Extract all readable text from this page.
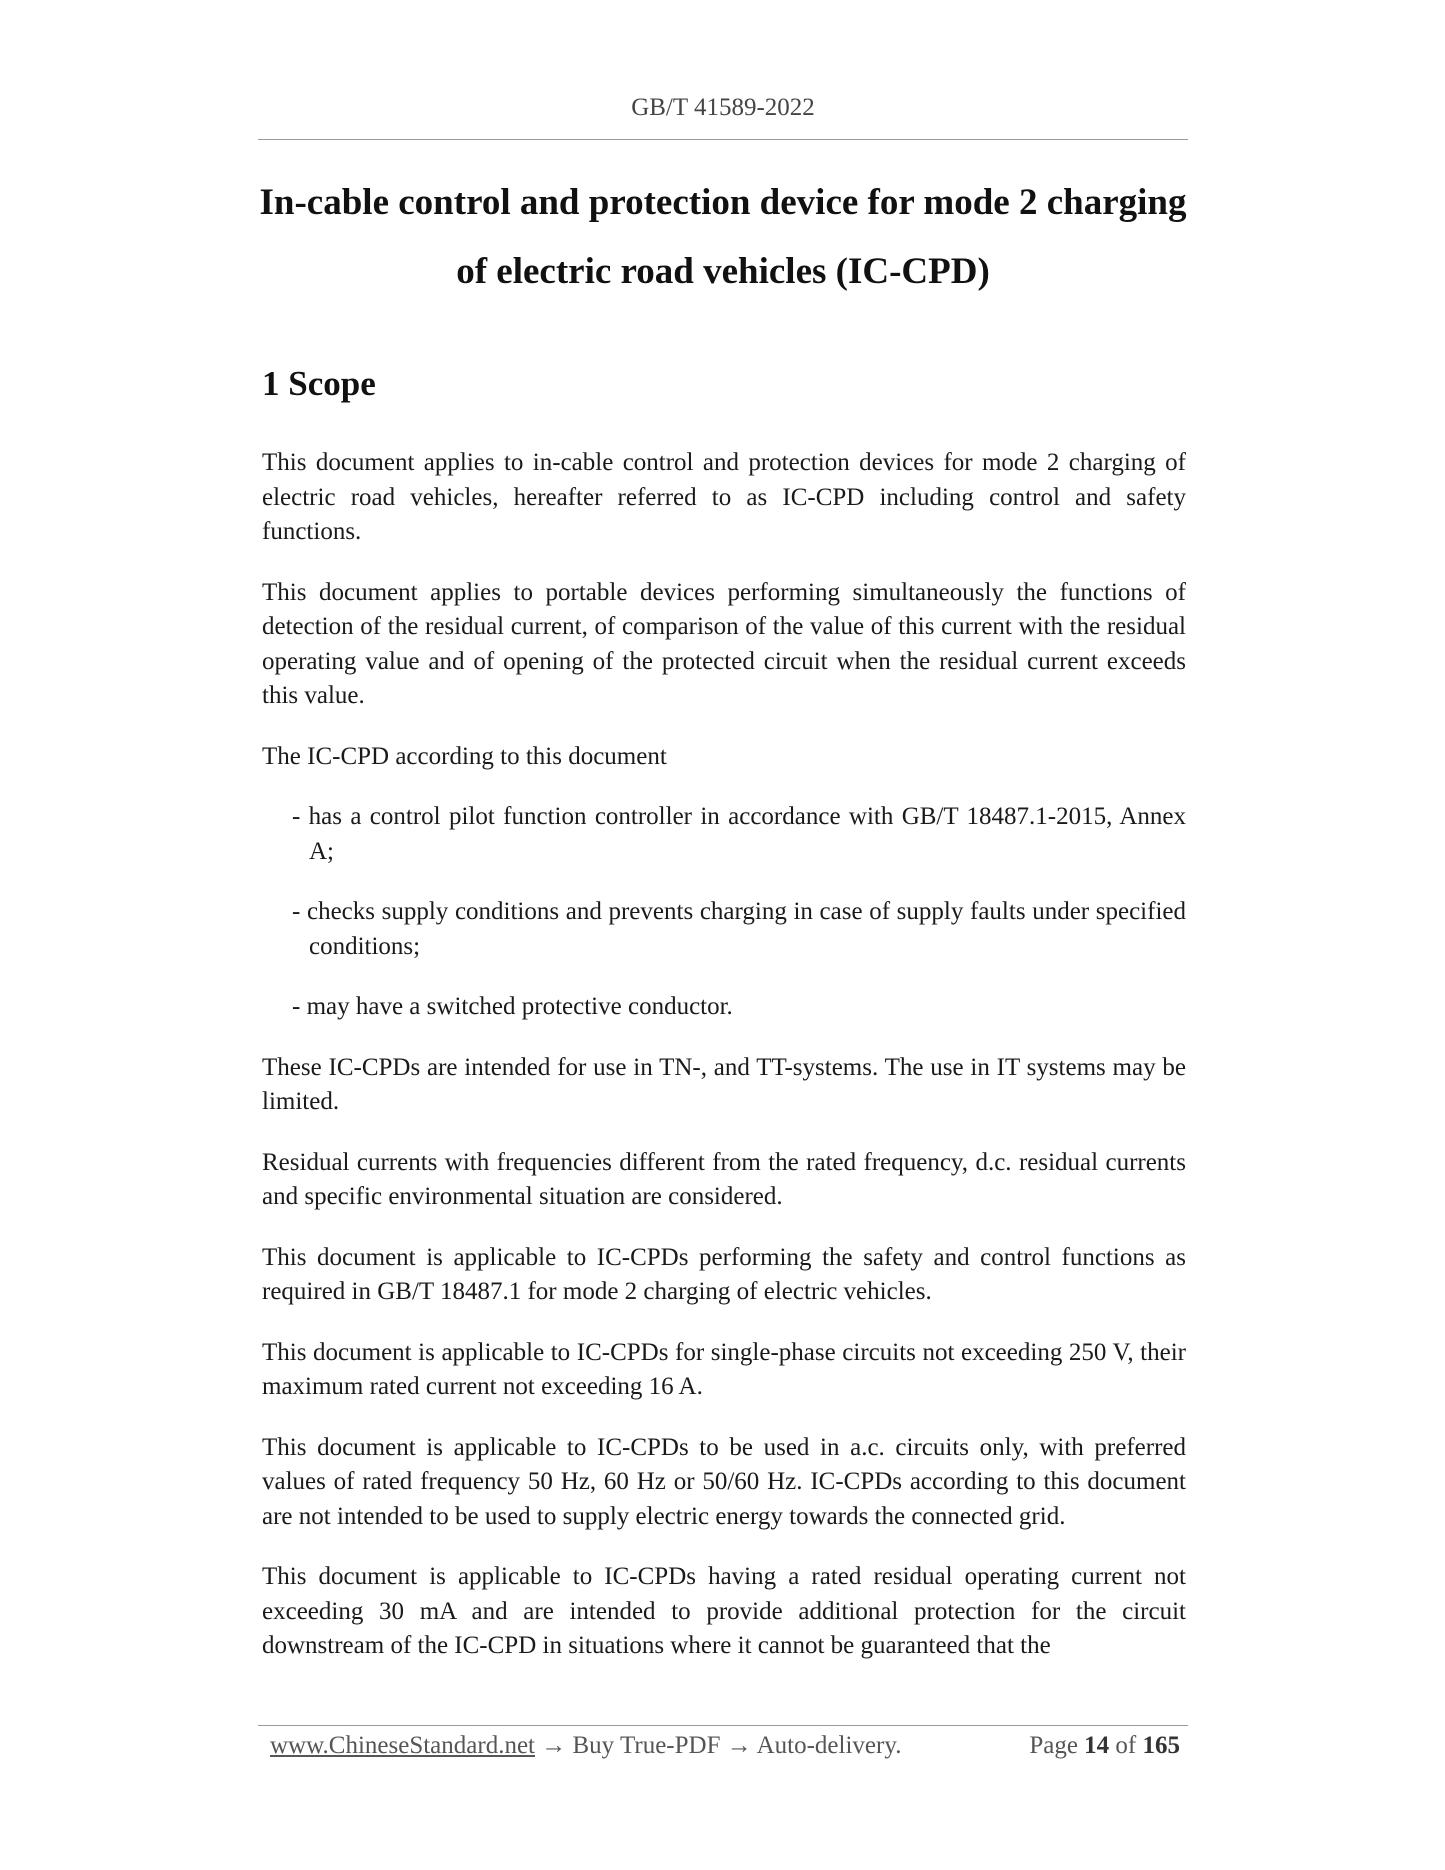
GB/T 41589-2022
In-cable control and protection device for mode 2 charging
of electric road vehicles (IC-CPD)
1 Scope

This document applies to in-cable control and protection devices for mode 2 charging of electric road vehicles, hereafter referred to as IC-CPD including control and safety functions.

This document applies to portable devices performing simultaneously the functions of detection of the residual current, of comparison of the value of this current with the residual operating value and of opening of the protected circuit when the residual current exceeds this value.

The IC-CPD according to this document

- has a control pilot function controller in accordance with GB/T 18487.1-2015, Annex A;
- checks supply conditions and prevents charging in case of supply faults under specified conditions;
- may have a switched protective conductor.

These IC-CPDs are intended for use in TN-, and TT-systems. The use in IT systems may be limited.

Residual currents with frequencies different from the rated frequency, d.c. residual currents and specific environmental situation are considered.

This document is applicable to IC-CPDs performing the safety and control functions as required in GB/T 18487.1 for mode 2 charging of electric vehicles.

This document is applicable to IC-CPDs for single-phase circuits not exceeding 250 V, their maximum rated current not exceeding 16 A.

This document is applicable to IC-CPDs to be used in a.c. circuits only, with preferred values of rated frequency 50 Hz, 60 Hz or 50/60 Hz. IC-CPDs according to this document are not intended to be used to supply electric energy towards the connected grid.

This document is applicable to IC-CPDs having a rated residual operating current not exceeding 30 mA and are intended to provide additional protection for the circuit downstream of the IC-CPD in situations where it cannot be guaranteed that the

www.ChineseStandard.net → Buy True-PDF → Auto-delivery.	Page 14 of 165
